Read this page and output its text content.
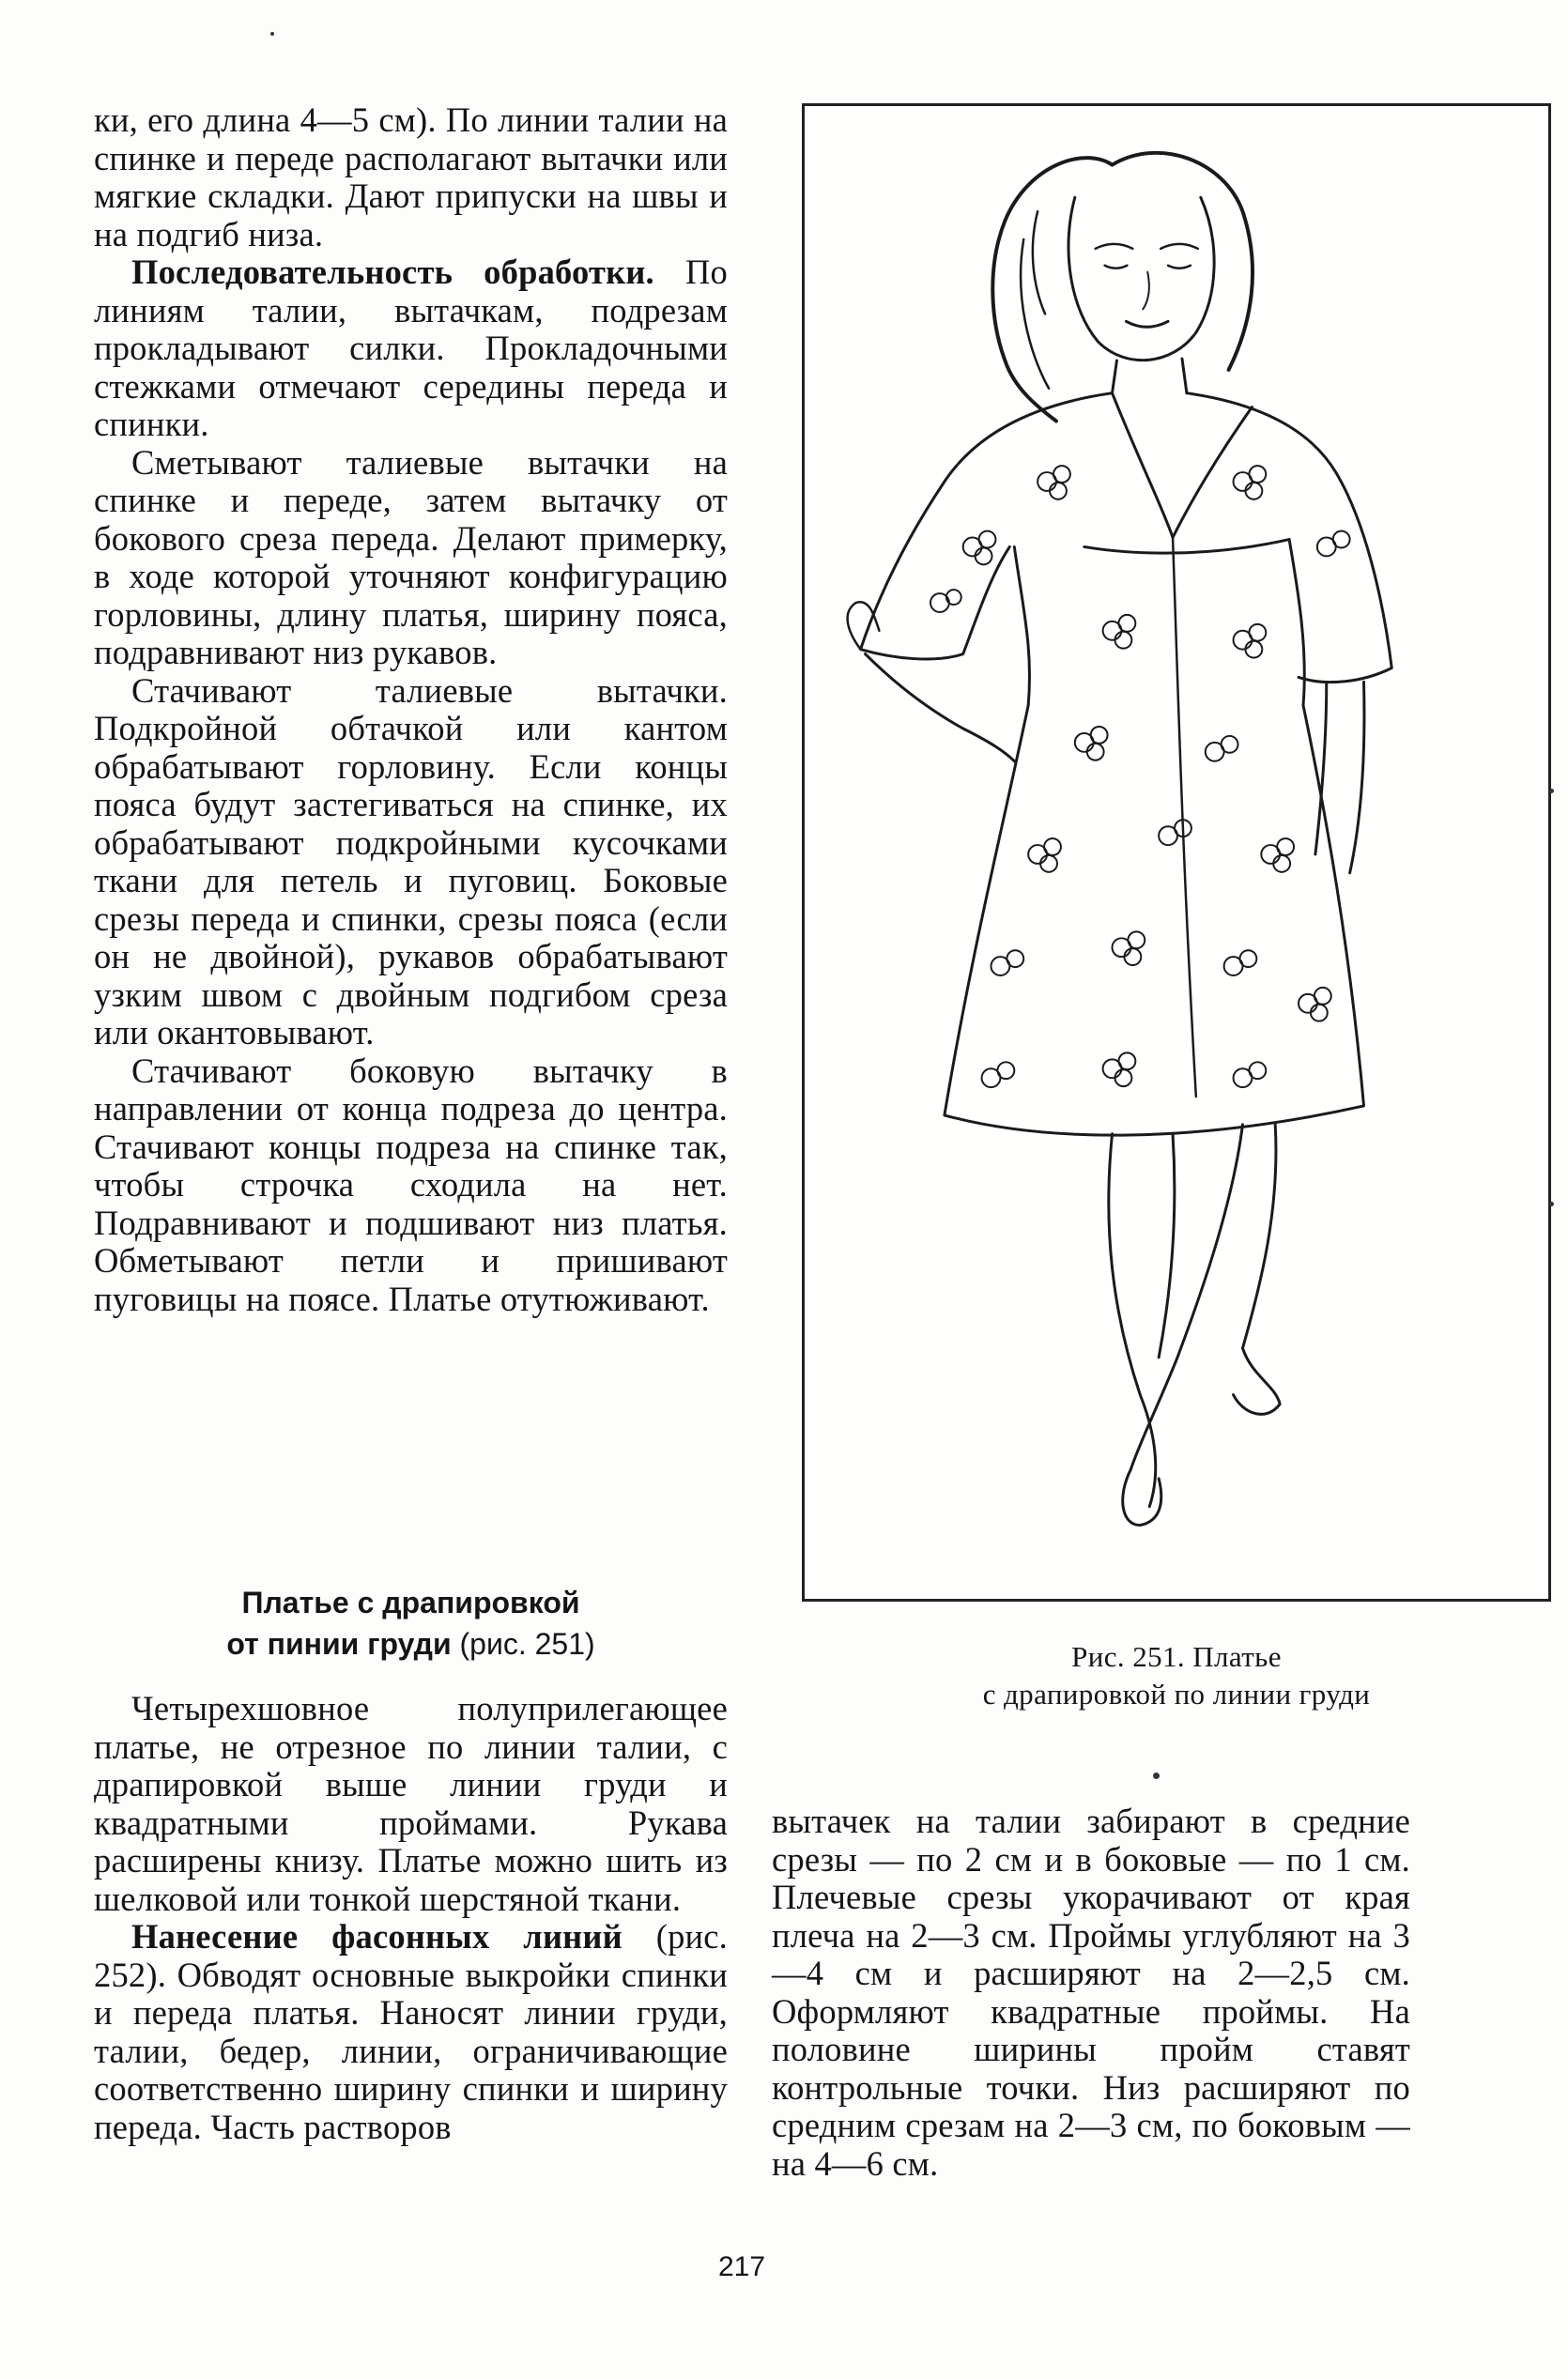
ки, его длина 4—5 см). По линии талии на спинке и переде располагают вытачки или мягкие складки. Дают припуски на швы и на подгиб низа.

Последовательность обработки. По линиям талии, вытачкам, подрезам прокладывают силки. Прокладочными стежками отмечают середины переда и спинки.

Сметывают талиевые вытачки на спинке и переде, затем вытачку от бокового среза переда. Делают примерку, в ходе которой уточняют конфигурацию горловины, длину платья, ширину пояса, подравнивают низ рукавов.

Стачивают талиевые вытачки. Подкройной обтачкой или кантом обрабатывают горловину. Если концы пояса будут застегиваться на спинке, их обрабатывают подкройными кусочками ткани для петель и пуговиц. Боковые срезы переда и спинки, срезы пояса (если он не двойной), рукавов обрабатывают узким швом с двойным подгибом среза или окантовывают.

Стачивают боковую вытачку в направлении от конца подреза до центра. Стачивают концы подреза на спинке так, чтобы строчка сходила на нет. Подравнивают и подшивают низ платья. Обметывают петли и пришивают пуговицы на поясе. Платье отутюживают.

Платье с драпировкой
от пинии груди (рис. 251)

Четырехшовное полуприлегающее платье, не отрезное по линии талии, с драпировкой выше линии груди и квадратными проймами. Рукава расширены книзу. Платье можно шить из шелковой или тонкой шерстяной ткани.

Нанесение фасонных линий (рис. 252). Обводят основные выкройки спинки и переда платья. Наносят линии груди, талии, бедер, линии, ограничивающие соответственно ширину спинки и ширину переда. Часть растворов

вытачек на талии забирают в средние срезы — по 2 см и в боковые — по 1 см. Плечевые срезы укорачивают от края плеча на 2—3 см. Проймы углубляют на 3—4 см и расширяют на 2—2,5 см. Оформляют квадратные проймы. На половине ширины пройм ставят контрольные точки. Низ расширяют по средним срезам на 2—3 см, по боковым — на 4—6 см.

Рис. 251. Платье
с драпировкой по линии груди
217
